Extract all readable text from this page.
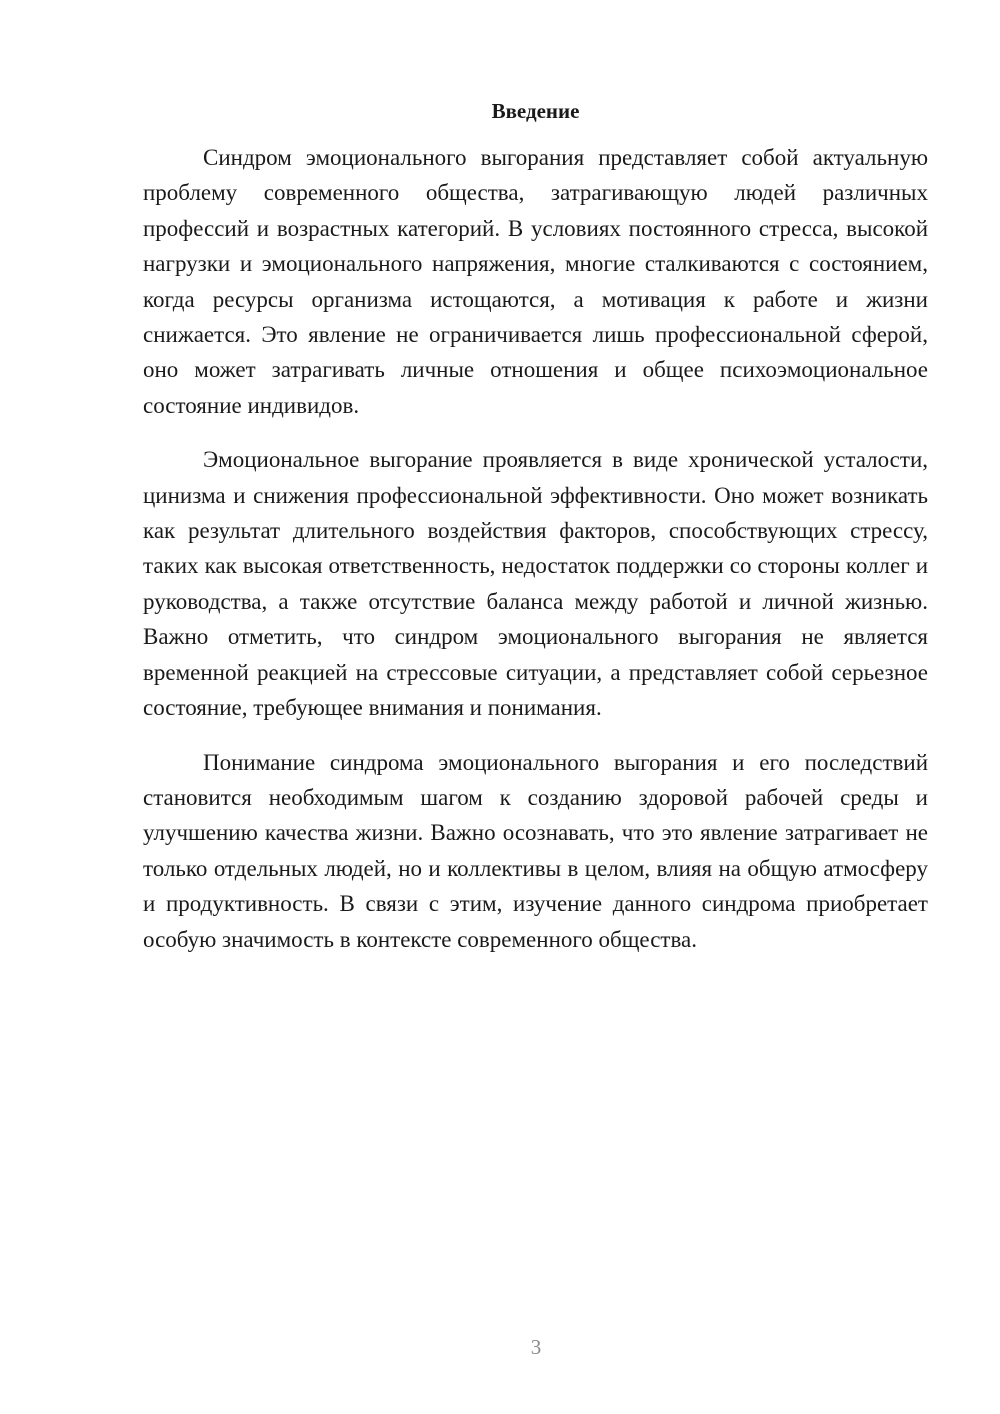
Введение

Синдром эмоционального выгорания представляет собой актуальную проблему современного общества, затрагивающую людей различных профессий и возрастных категорий. В условиях постоянного стресса, высокой нагрузки и эмоционального напряжения, многие сталкиваются с состоянием, когда ресурсы организма истощаются, а мотивация к работе и жизни снижается. Это явление не ограничивается лишь профессиональной сферой, оно может затрагивать личные отношения и общее психоэмоциональное состояние индивидов.

Эмоциональное выгорание проявляется в виде хронической усталости, цинизма и снижения профессиональной эффективности. Оно может возникать как результат длительного воздействия факторов, способствующих стрессу, таких как высокая ответственность, недостаток поддержки со стороны коллег и руководства, а также отсутствие баланса между работой и личной жизнью. Важно отметить, что синдром эмоционального выгорания не является временной реакцией на стрессовые ситуации, а представляет собой серьезное состояние, требующее внимания и понимания.

Понимание синдрома эмоционального выгорания и его последствий становится необходимым шагом к созданию здоровой рабочей среды и улучшению качества жизни. Важно осознавать, что это явление затрагивает не только отдельных людей, но и коллективы в целом, влияя на общую атмосферу и продуктивность. В связи с этим, изучение данного синдрома приобретает особую значимость в контексте современного общества.

3
